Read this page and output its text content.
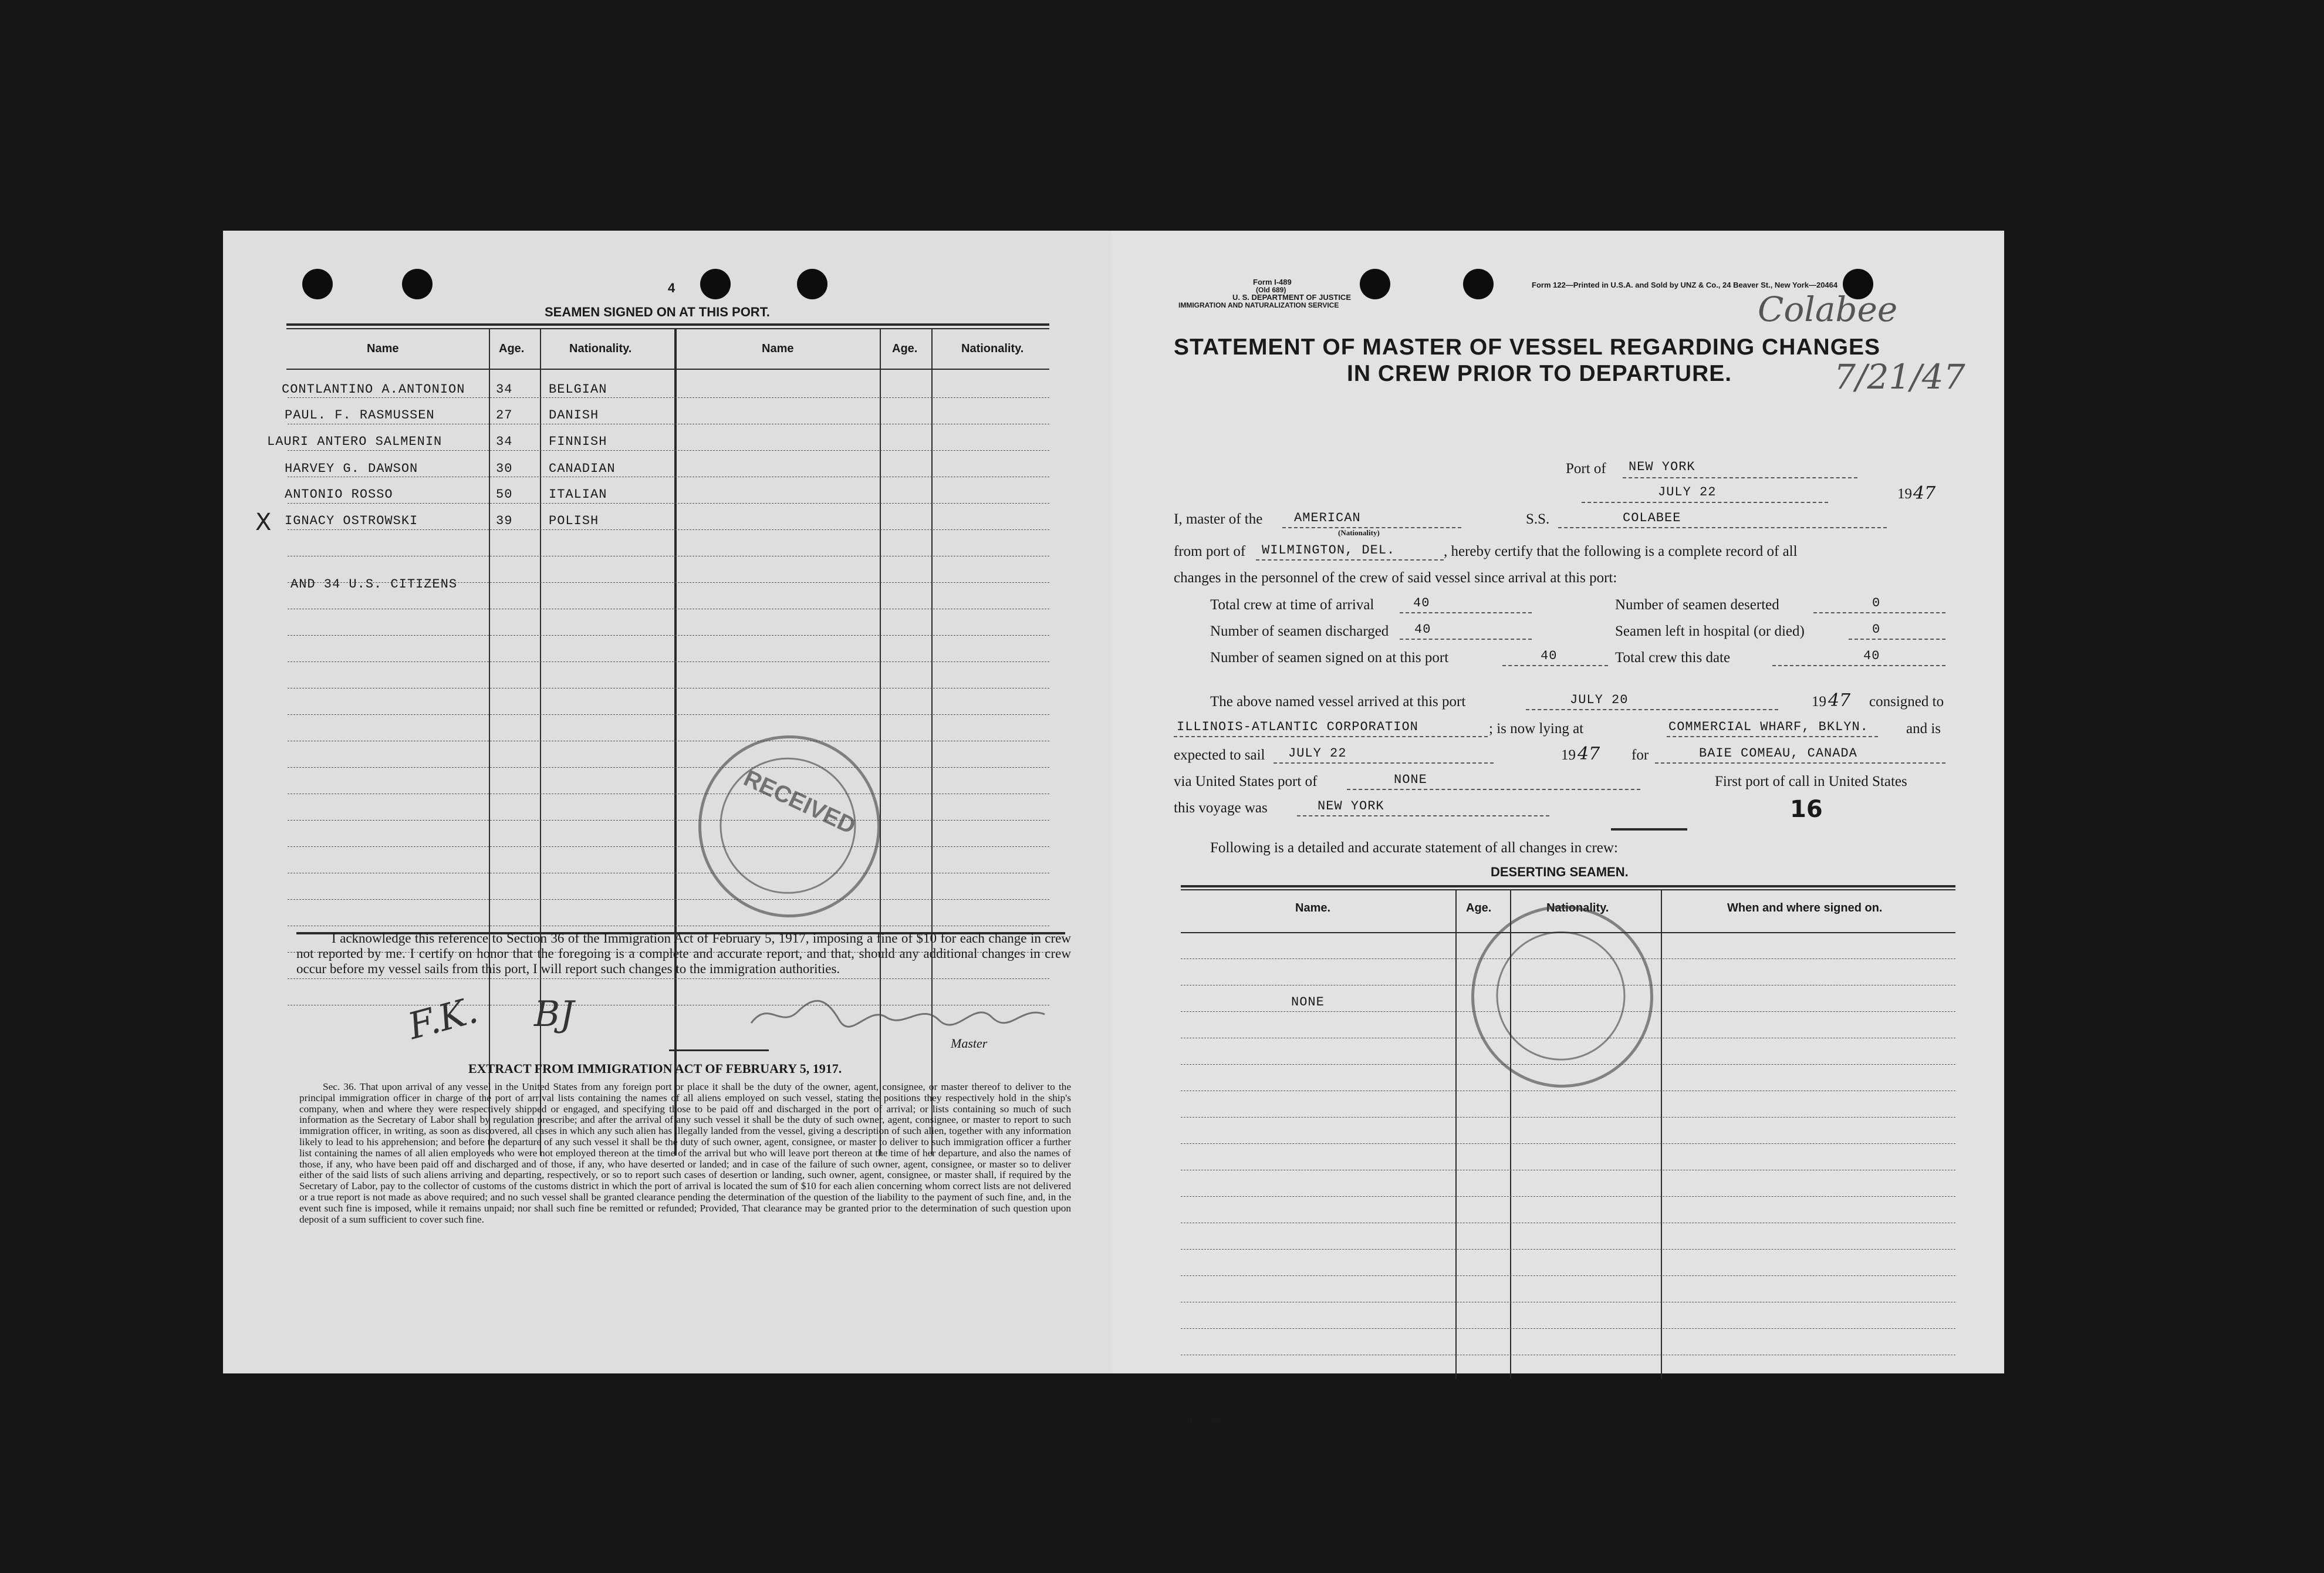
4
SEAMEN SIGNED ON AT THIS PORT.
Name	Age.	Nationality.	Name	Age.	Nationality.
CONTLANTINO A.ANTONION 34	BELGIAN
PAUL. F. RASMUSSEN	27	DANISH
LAURI ANTERO SALMENIN	34	FINNISH
HARVEY G. DAWSON	30	CANADIAN
ANTONIO ROSSO	50	ITALIAN
X IGNACY OSTROWSKI	39	POLISH
AND 34 U.S. CITIZENS
RECEIVED
I acknowledge this reference to Section 36 of the Immigration Act of February 5, 1917, imposing a fine of $10 for each change in crew not reported by me. I certify on honor that the foregoing is a complete and accurate report, and that, should any additional changes in crew occur before my vessel sails from this port, I will report such changes to the immigration authorities.
F.K. BJ
Master
EXTRACT FROM IMMIGRATION ACT OF FEBRUARY 5, 1917.
Sec. 36. That upon arrival of any vessel in the United States from any foreign port or place it shall be the duty of the owner, agent, consignee, or master thereof to deliver to the principal immigration officer in charge of the port of arrival lists containing the names of all aliens employed on such vessel, stating the positions they respectively hold in the ship's company, when and where they were respectively shipped or engaged, and specifying those to be paid off and discharged in the port of arrival; or lists containing so much of such information as the Secretary of Labor shall by regulation prescribe; and after the arrival of any such vessel it shall be the duty of such owner, agent, consignee, or master to report to such immigration officer, in writing, as soon as discovered, all cases in which any such alien has illegally landed from the vessel, giving a description of such alien, together with any information likely to lead to his apprehension; and before the departure of any such vessel it shall be the duty of such owner, agent, consignee, or master to deliver to such immigration officer a further list containing the names of all alien employees who were not employed thereon at the time of the arrival but who will leave port thereon at the time of her departure, and also the names of those, if any, who have been paid off and discharged and of those, if any, who have deserted or landed; and in case of the failure of such owner, agent, consignee, or master so to deliver either of the said lists of such aliens arriving and departing, respectively, or so to report such cases of desertion or landing, such owner, agent, consignee, or master shall, if required by the Secretary of Labor, pay to the collector of customs of the customs district in which the port of arrival is located the sum of $10 for each alien concerning whom correct lists are not delivered or a true report is not made as above required; and no such vessel shall be granted clearance pending the determination of the question of the liability to the payment of such fine, and, in the event such fine is imposed, while it remains unpaid; nor shall such fine be remitted or refunded; Provided, That clearance may be granted prior to the determination of such question upon deposit of a sum sufficient to cover such fine.
Form I-489
(Old 689)
U. S. DEPARTMENT OF JUSTICE
IMMIGRATION AND NATURALIZATION SERVICE
Form 122—Printed in U.S.A. and Sold by UNZ & Co., 24 Beaver St., New York—20464
Colabee
7/21/47
STATEMENT OF MASTER OF VESSEL REGARDING CHANGES
IN CREW PRIOR TO DEPARTURE.
Port of NEW YORK
JULY 22	19 47
I, master of the AMERICAN
(Nationality)
S.S.	COLABEE
from port of WILMINGTON, DEL.	, hereby certify that the following is a complete record of all
changes in the personnel of the crew of said vessel since arrival at this port:
Total crew at time of arrival	40	Number of seamen deserted	0
Number of seamen discharged 40	Seamen left in hospital (or died)	0
Number of seamen signed on at this port	40	Total crew this date	40
The above named vessel arrived at this port	JULY 20	19 47 consigned to
ILLINOIS-ATLANTIC CORPORATION	; is now lying at	COMMERCIAL WHARF, BKLYN.	and is
expected to sail JULY 22	19 47 for	BAIE COMEAU, CANADA
via United States port of	NONE	First port of call in United States
this voyage was	NEW YORK	16
Following is a detailed and accurate statement of all changes in crew:
DESERTING SEAMEN.
Name.	Age.	Nationality.	When and where signed on.
NONE
16—17387
